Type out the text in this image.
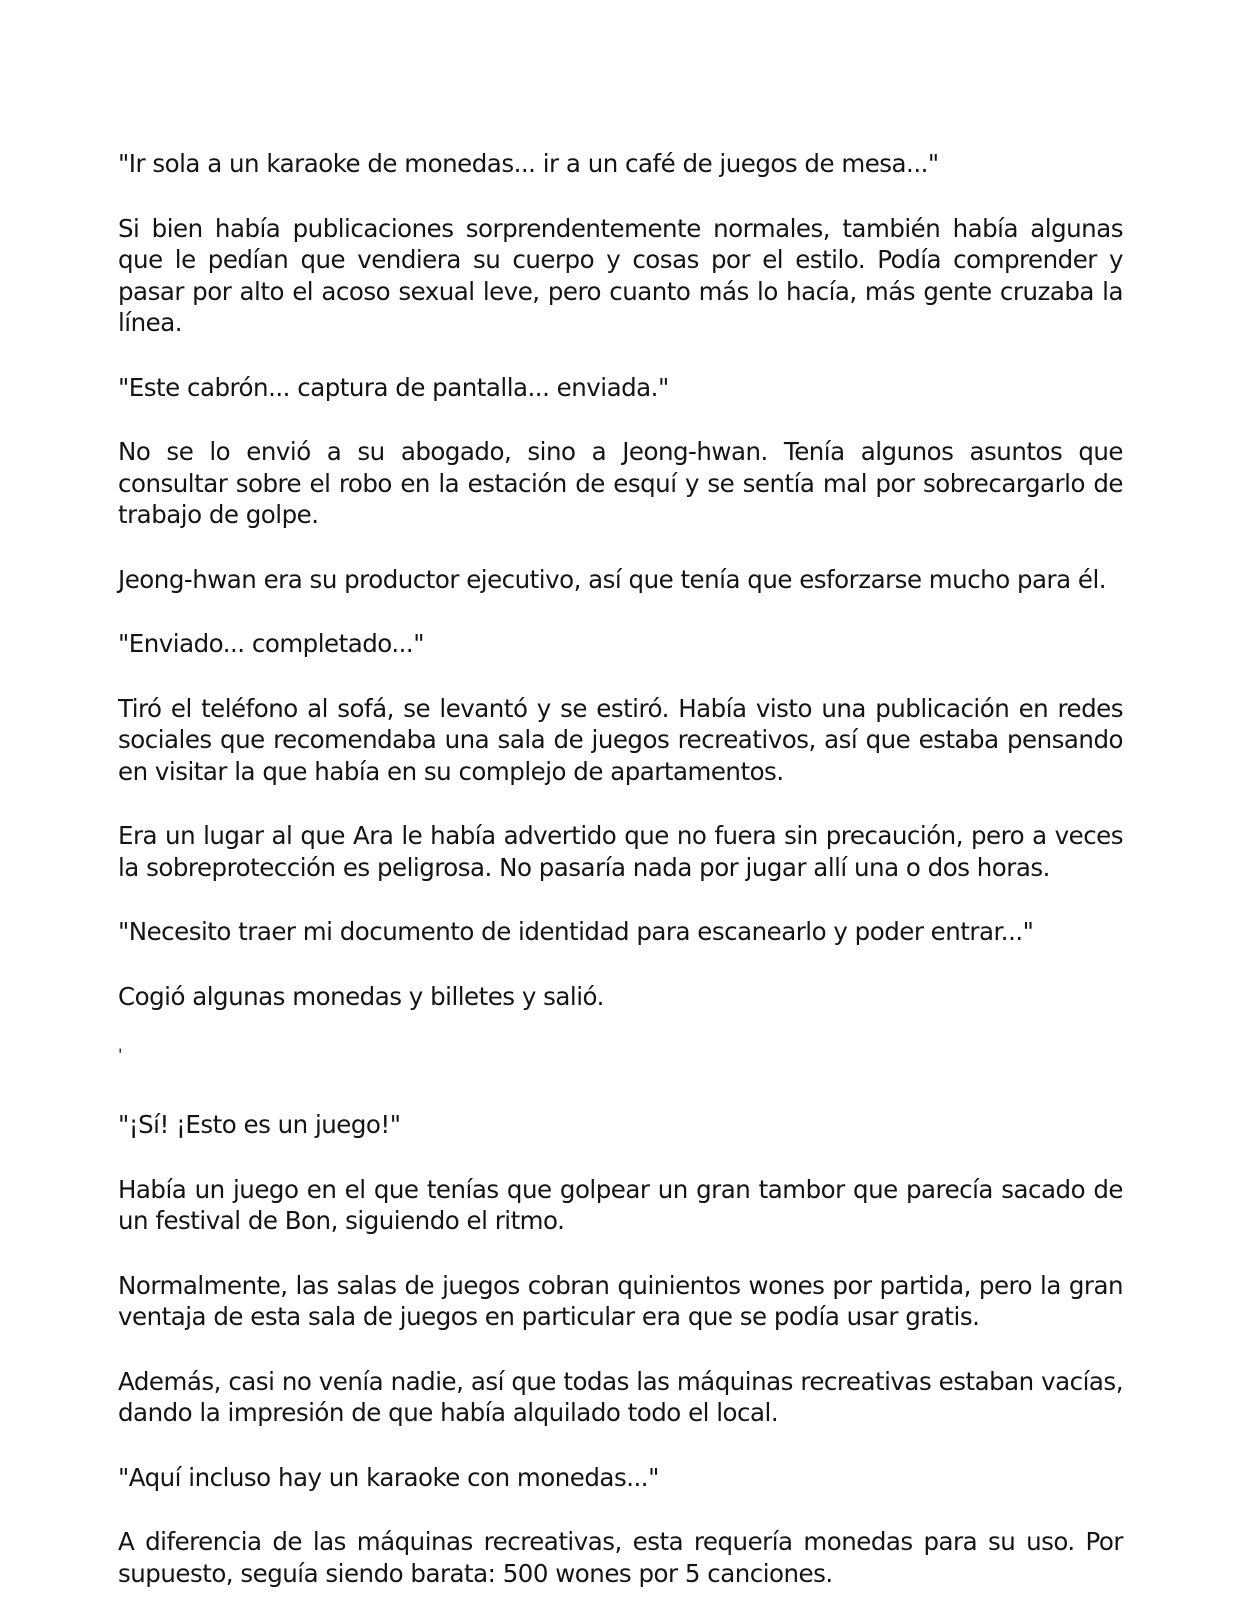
"Ir sola a un karaoke de monedas... ir a un café de juegos de mesa..."

Si bien había publicaciones sorprendentemente normales, también había algunas que le pedían que vendiera su cuerpo y cosas por el estilo. Podía comprender y pasar por alto el acoso sexual leve, pero cuanto más lo hacía, más gente cruzaba la línea.

"Este cabrón... captura de pantalla... enviada."

No se lo envió a su abogado, sino a Jeong-hwan. Tenía algunos asuntos que consultar sobre el robo en la estación de esquí y se sentía mal por sobrecargarlo de trabajo de golpe.

Jeong-hwan era su productor ejecutivo, así que tenía que esforzarse mucho para él.

"Enviado... completado..."

Tiró el teléfono al sofá, se levantó y se estiró. Había visto una publicación en redes sociales que recomendaba una sala de juegos recreativos, así que estaba pensando en visitar la que había en su complejo de apartamentos.

Era un lugar al que Ara le había advertido que no fuera sin precaución, pero a veces la sobreprotección es peligrosa. No pasaría nada por jugar allí una o dos horas.

"Necesito traer mi documento de identidad para escanearlo y poder entrar..."

Cogió algunas monedas y billetes y salió.

'

"¡Sí! ¡Esto es un juego!"

Había un juego en el que tenías que golpear un gran tambor que parecía sacado de un festival de Bon, siguiendo el ritmo.

Normalmente, las salas de juegos cobran quinientos wones por partida, pero la gran ventaja de esta sala de juegos en particular era que se podía usar gratis.

Además, casi no venía nadie, así que todas las máquinas recreativas estaban vacías, dando la impresión de que había alquilado todo el local.

"Aquí incluso hay un karaoke con monedas..."

A diferencia de las máquinas recreativas, esta requería monedas para su uso. Por supuesto, seguía siendo barata: 500 wones por 5 canciones.
